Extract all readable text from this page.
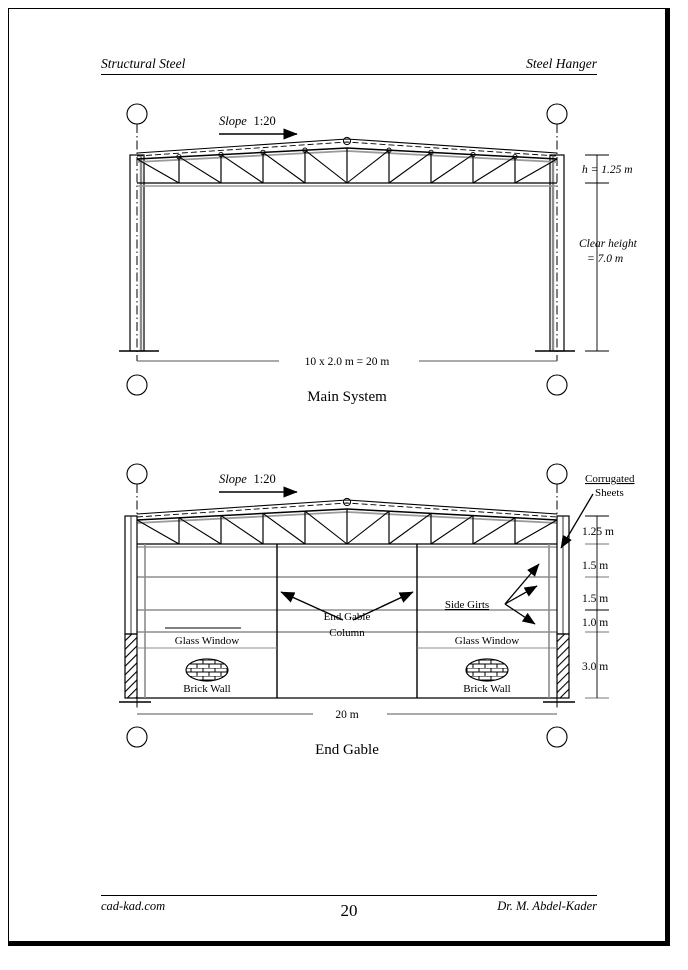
Structural Steel	Steel Hanger
Slope 1:20
h = 1.25 m
Clear height
= 7.0 m
10 x 2.0 m = 20 m
Main System
Slope 1:20
Glass Window	Glass Window
Brick Wall	Brick Wall
End Gable
Column
Side Girts
Corrugated
Sheets
1.25 m
1.5 m
1.5 m
1.0 m
3.0 m
20 m
End Gable
cad-kad.com	20	Dr. M. Abdel-Kader
